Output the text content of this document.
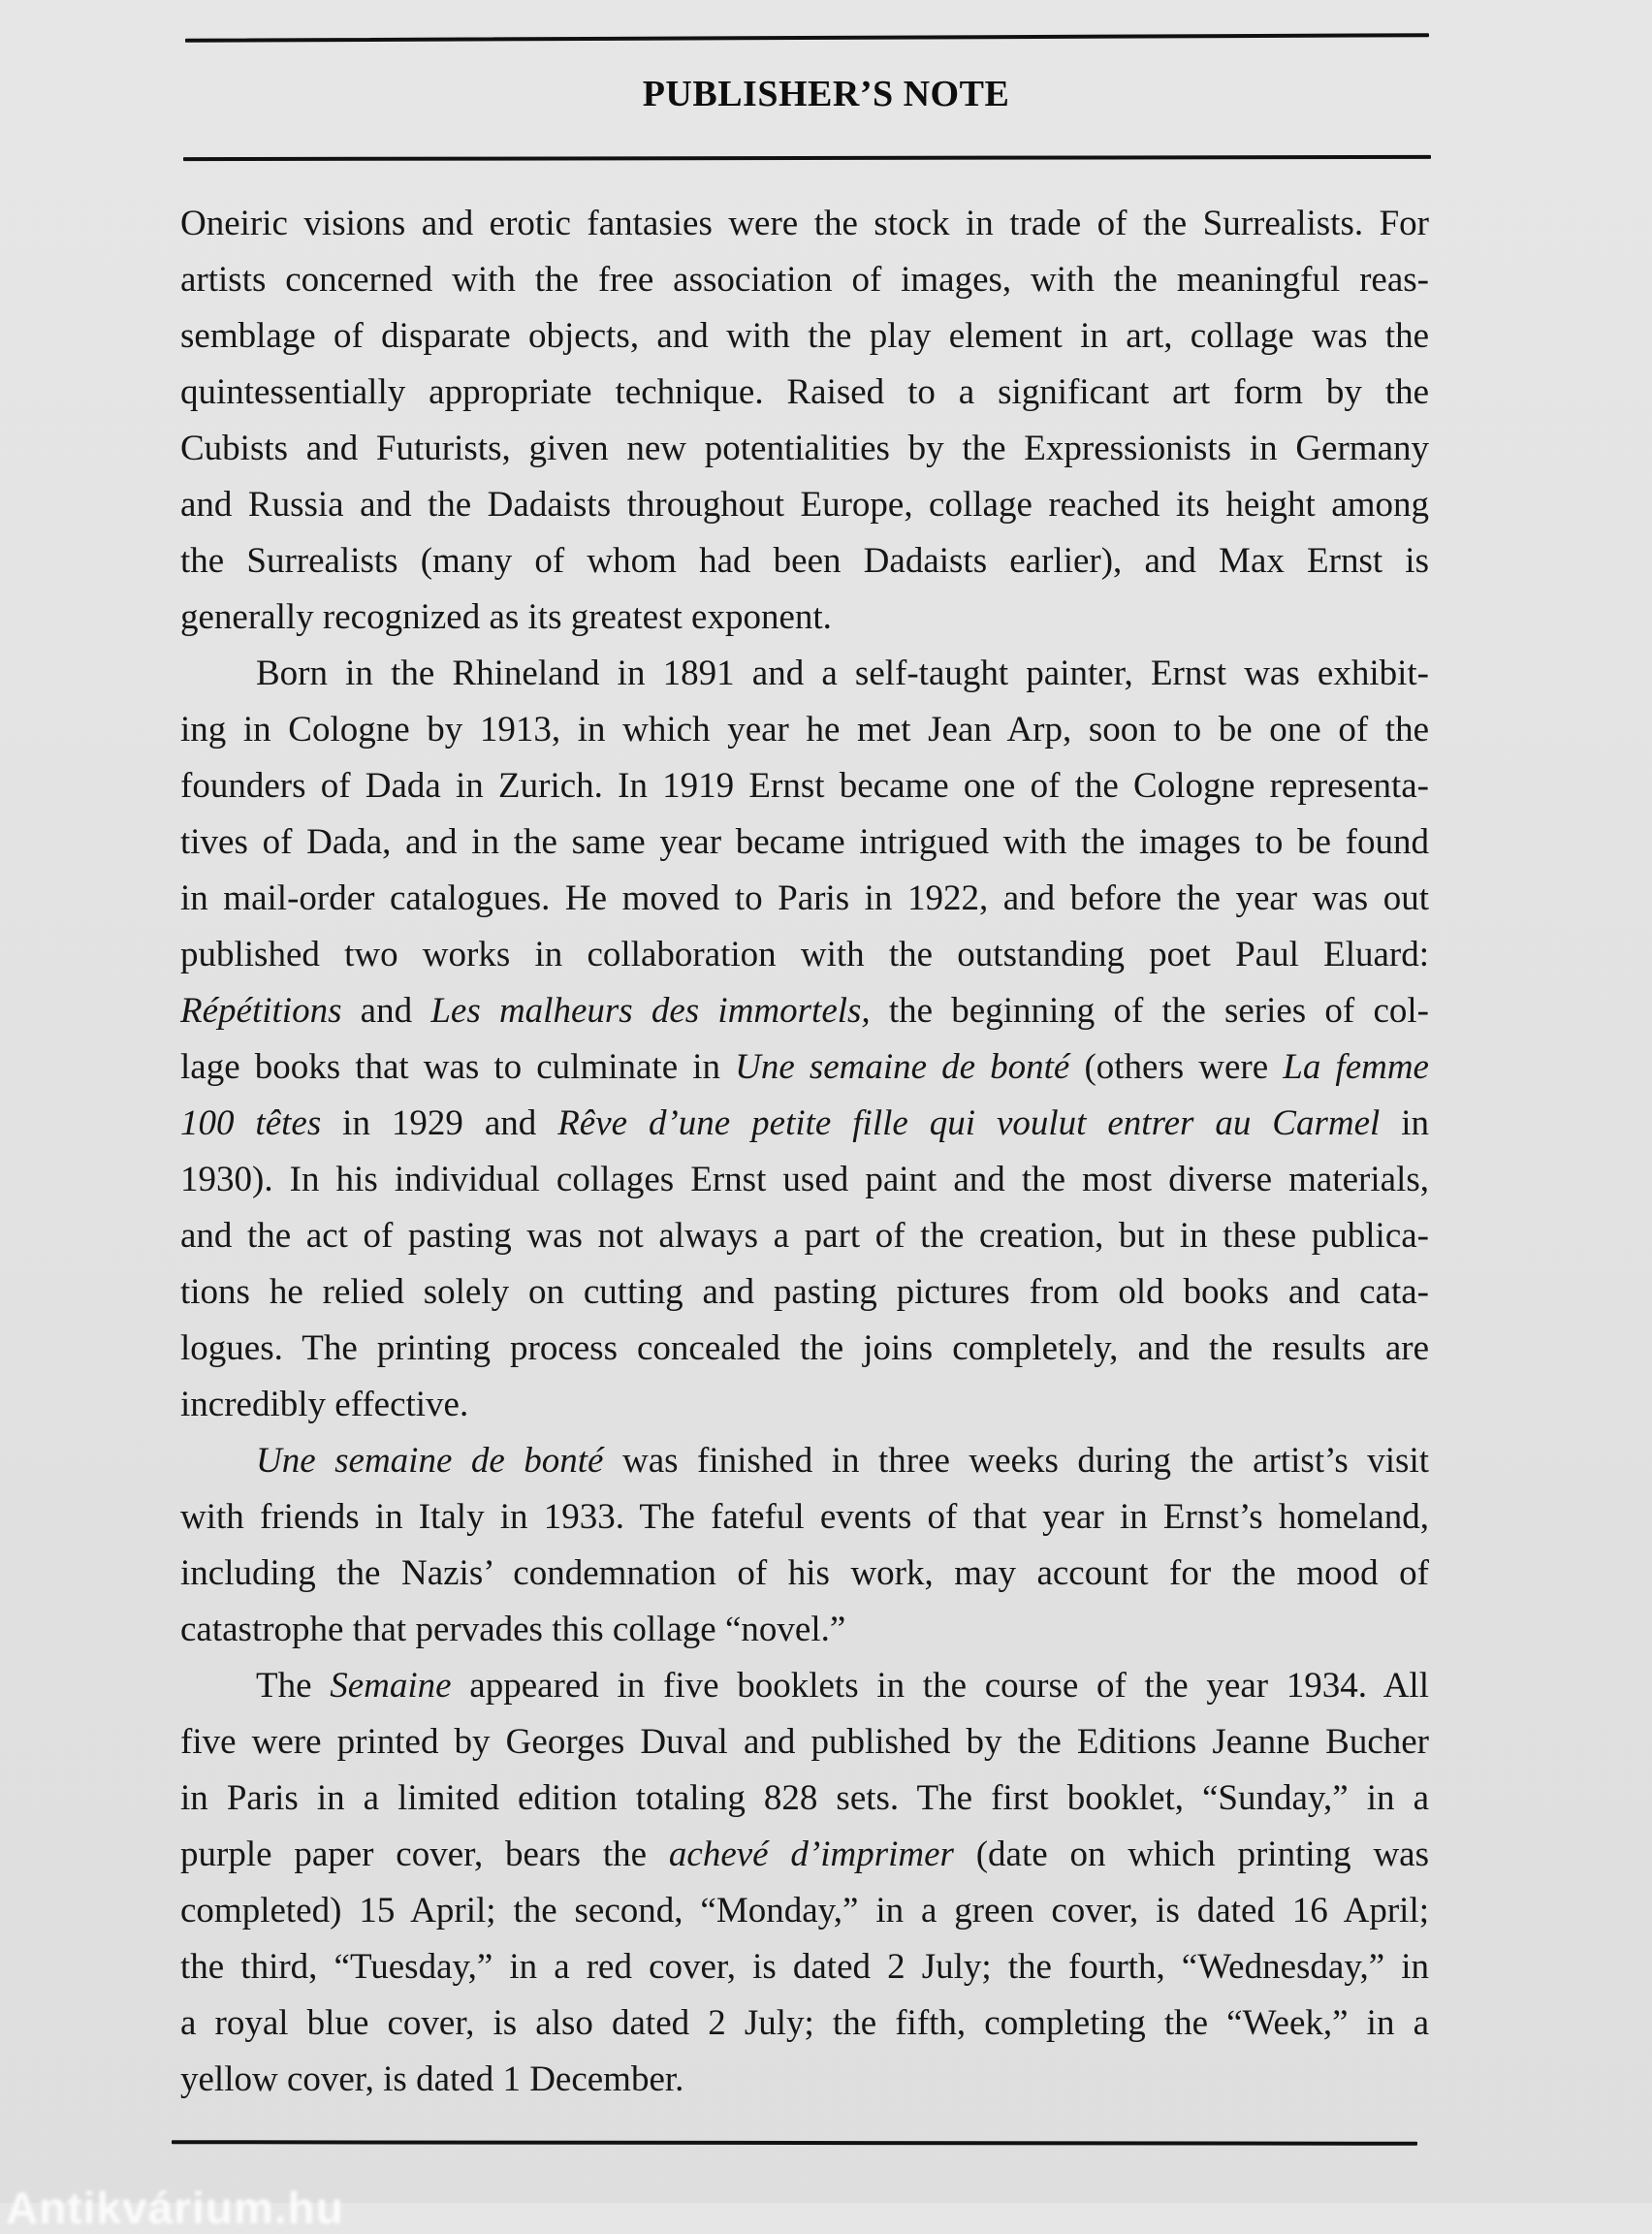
PUBLISHER’S NOTE
Oneiric visions and erotic fantasies were the stock in trade of the Surrealists. For
artists concerned with the free association of images, with the meaningful reas-
semblage of disparate objects, and with the play element in art, collage was the
quintessentially appropriate technique. Raised to a significant art form by the
Cubists and Futurists, given new potentialities by the Expressionists in Germany
and Russia and the Dadaists throughout Europe, collage reached its height among
the Surrealists (many of whom had been Dadaists earlier), and Max Ernst is
generally recognized as its greatest exponent.
Born in the Rhineland in 1891 and a self-taught painter, Ernst was exhibit-
ing in Cologne by 1913, in which year he met Jean Arp, soon to be one of the
founders of Dada in Zurich. In 1919 Ernst became one of the Cologne representa-
tives of Dada, and in the same year became intrigued with the images to be found
in mail-order catalogues. He moved to Paris in 1922, and before the year was out
published two works in collaboration with the outstanding poet Paul Eluard:
Répétitions and Les malheurs des immortels, the beginning of the series of col-
lage books that was to culminate in Une semaine de bonté (others were La femme
100 têtes in 1929 and Rêve d’une petite fille qui voulut entrer au Carmel in
1930). In his individual collages Ernst used paint and the most diverse materials,
and the act of pasting was not always a part of the creation, but in these publica-
tions he relied solely on cutting and pasting pictures from old books and cata-
logues. The printing process concealed the joins completely, and the results are
incredibly effective.
Une semaine de bonté was finished in three weeks during the artist’s visit
with friends in Italy in 1933. The fateful events of that year in Ernst’s homeland,
including the Nazis’ condemnation of his work, may account for the mood of
catastrophe that pervades this collage “novel.”
The Semaine appeared in five booklets in the course of the year 1934. All
five were printed by Georges Duval and published by the Editions Jeanne Bucher
in Paris in a limited edition totaling 828 sets. The first booklet, “Sunday,” in a
purple paper cover, bears the achevé d’imprimer (date on which printing was
completed) 15 April; the second, “Monday,” in a green cover, is dated 16 April;
the third, “Tuesday,” in a red cover, is dated 2 July; the fourth, “Wednesday,” in
a royal blue cover, is also dated 2 July; the fifth, completing the “Week,” in a
yellow cover, is dated 1 December.
Antikvárium.hu
